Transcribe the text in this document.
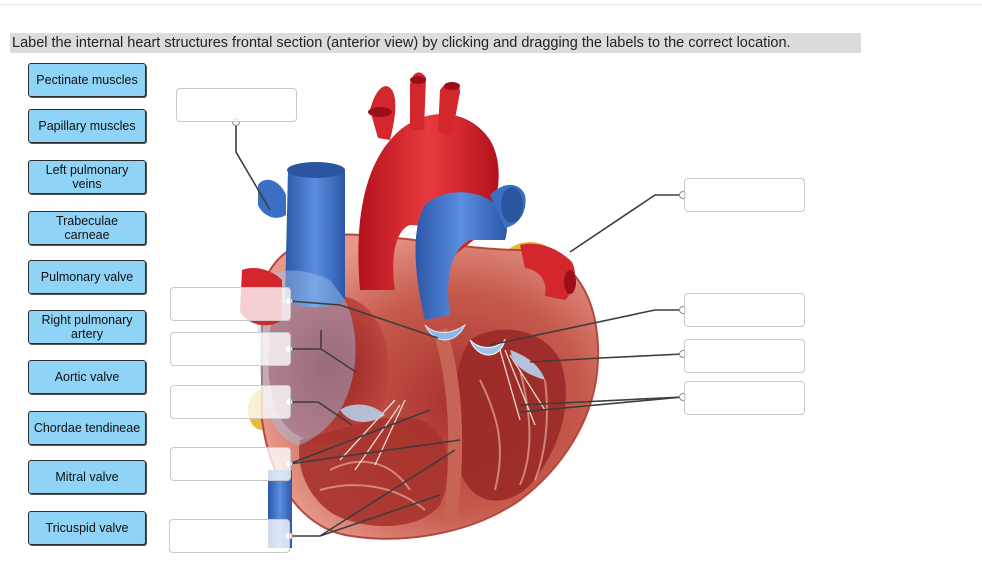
Label the internal heart structures frontal section (anterior view) by clicking and dragging the labels to the correct location.
Pectinate muscles
Papillary muscles
Left pulmonary veins
Trabeculae carneae
Pulmonary valve
Right pulmonary artery
Aortic valve
Chordae tendineae
Mitral valve
Tricuspid valve
